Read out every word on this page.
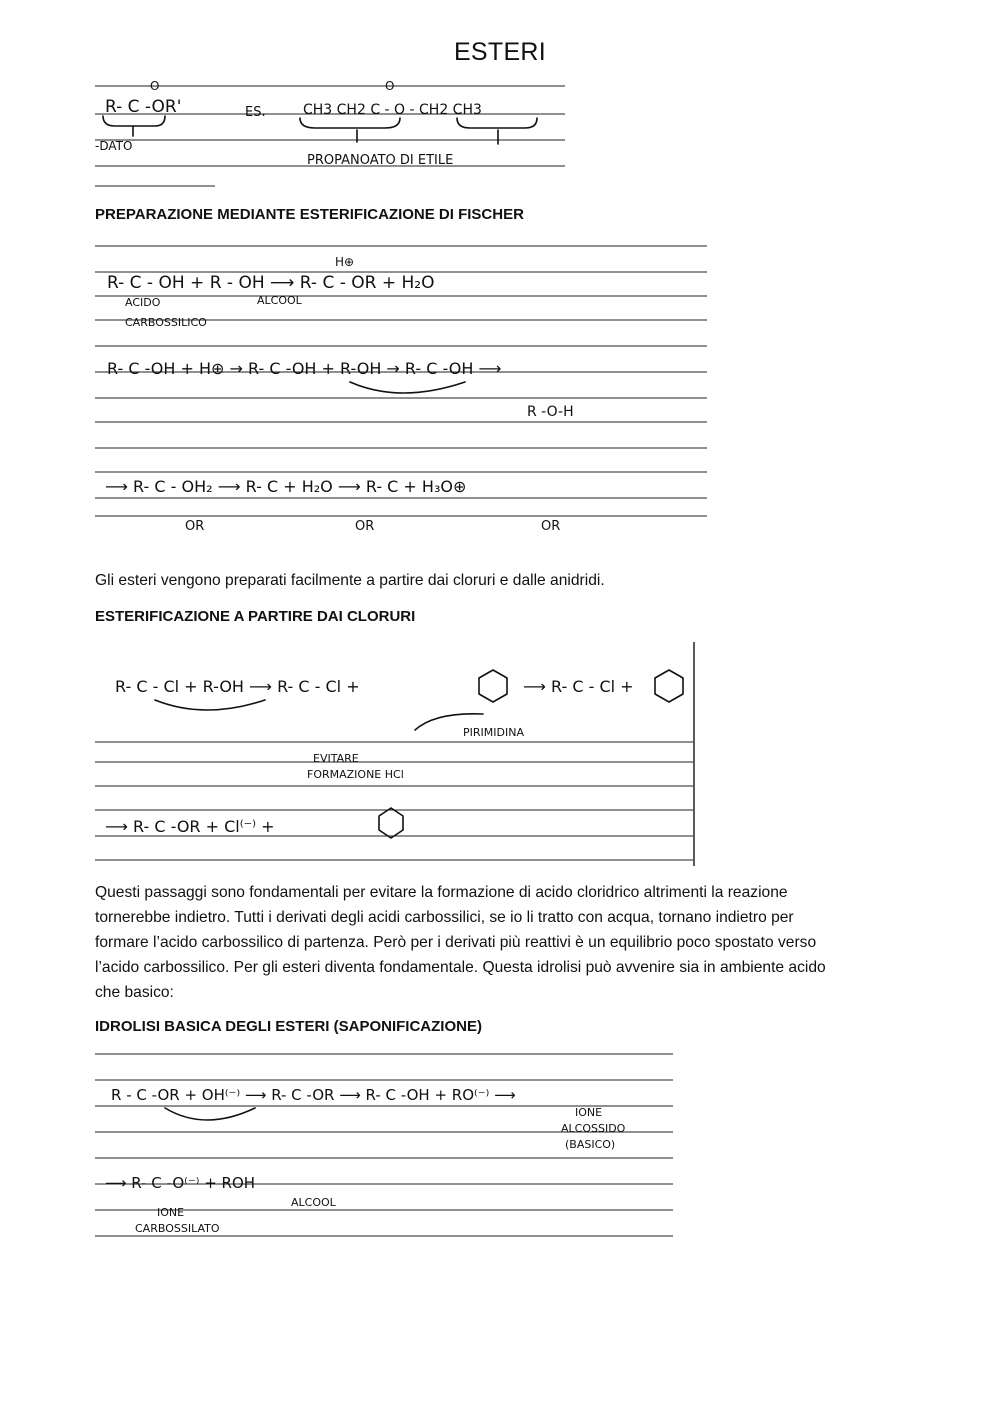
ESTERI
O	O
R- C -OR'	ES.	CH3 CH2 C - O - CH2 CH3
-DATO
PROPANOATO DI ETILE
PREPARAZIONE MEDIANTE ESTERIFICAZIONE DI FISCHER
H⊕
R- C - OH + R - OH ⟶ R- C - OR + H₂O
ACIDO
CARBOSSILICO
ALCOOL
R- C -OH + H⊕ → R- C -OH + R-OH → R- C -OH ⟶
R -O-H
⟶ R- C - OH₂ ⟶ R- C + H₂O ⟶ R- C + H₃O⊕
OR	OR	OR
Gli esteri vengono preparati facilmente a partire dai cloruri e dalle anidridi.
ESTERIFICAZIONE A PARTIRE DAI CLORURI
R- C - Cl + R-OH ⟶ R- C - Cl +	⟶ R- C - Cl +
PIRIMIDINA
EVITARE
FORMAZIONE HCl
⟶ R- C -OR + Cl⁽⁻⁾ +
Questi passaggi sono fondamentali per evitare la formazione di acido cloridrico altrimenti la reazione
tornerebbe indietro. Tutti i derivati degli acidi carbossilici, se io li tratto con acqua, tornano indietro per
formare l’acido carbossilico di partenza. Però per i derivati più reattivi è un equilibrio poco spostato verso
l’acido carbossilico. Per gli esteri diventa fondamentale. Questa idrolisi può avvenire sia in ambiente acido
che basico:
IDROLISI BASICA DEGLI ESTERI (SAPONIFICAZIONE)
R - C -OR + OH⁽⁻⁾ ⟶ R- C -OR ⟶ R- C -OH + RO⁽⁻⁾ ⟶
IONE
ALCOSSIDO
(BASICO)
⟶ R- C -O⁽⁻⁾ + ROH
ALCOOL
IONE
CARBOSSILATO
